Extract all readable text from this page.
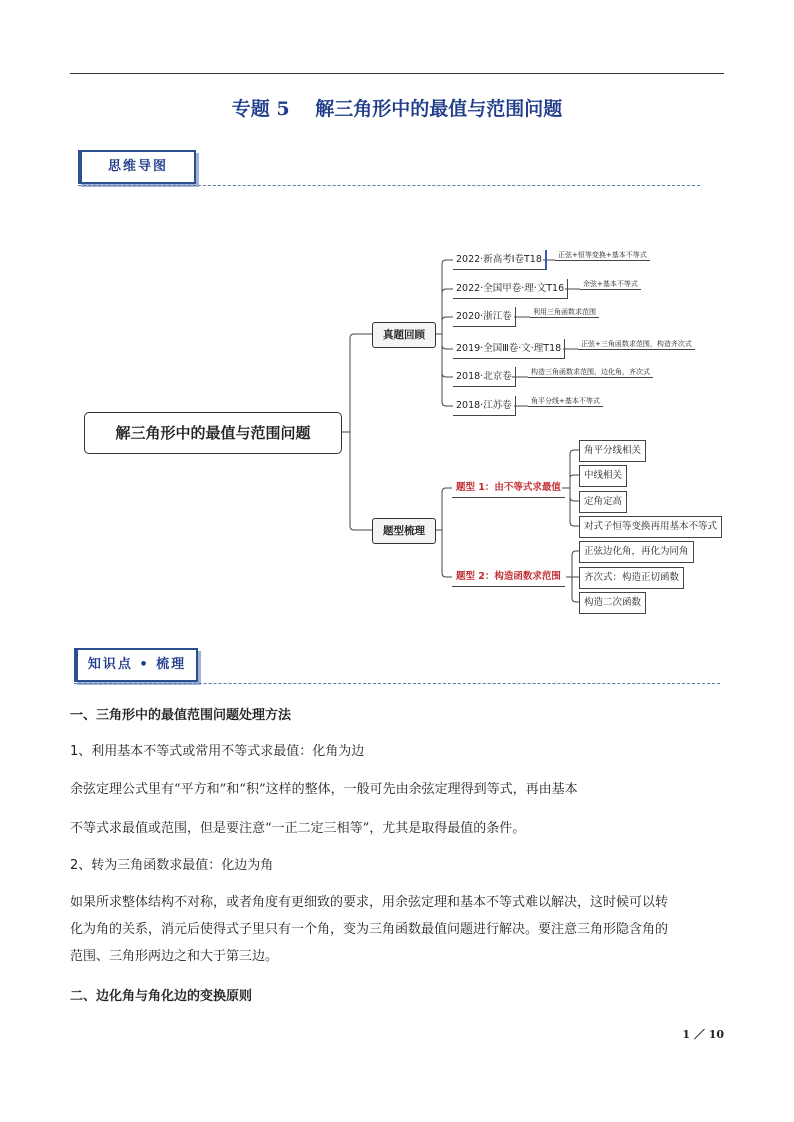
专题 5 　解三角形中的最值与范围问题
思维导图
解三角形中的最值与范围问题
真题回顾
题型梳理
2022·新高考Ⅰ卷T18	正弦+恒等变换+基本不等式
2022·全国甲卷·理·文T16	余弦+基本不等式
2020·浙江卷	利用三角函数求范围
2019·全国Ⅲ卷·文·理T18	正弦+三角函数求范围，构造齐次式
2018·北京卷	构造三角函数求范围，边化角，齐次式
2018·江苏卷	角平分线+基本不等式
题型 1：由不等式求最值
题型 2：构造函数求范围
角平分线相关
中线相关
定角定高
对式子恒等变换再用基本不等式
正弦边化角，再化为同角
齐次式：构造正切函数
构造二次函数
知识点 • 梳理
一、三角形中的最值范围问题处理方法
1、利用基本不等式或常用不等式求最值：化角为边
余弦定理公式里有“平方和”和“积”这样的整体，一般可先由余弦定理得到等式，再由基本
不等式求最值或范围，但是要注意“一正二定三相等”，尤其是取得最值的条件。
2、转为三角函数求最值：化边为角
如果所求整体结构不对称，或者角度有更细致的要求，用余弦定理和基本不等式难以解决，这时候可以转
化为角的关系，消元后使得式子里只有一个角，变为三角函数最值问题进行解决。要注意三角形隐含角的
范围、三角形两边之和大于第三边。
二、边化角与角化边的变换原则
1 ／ 10
